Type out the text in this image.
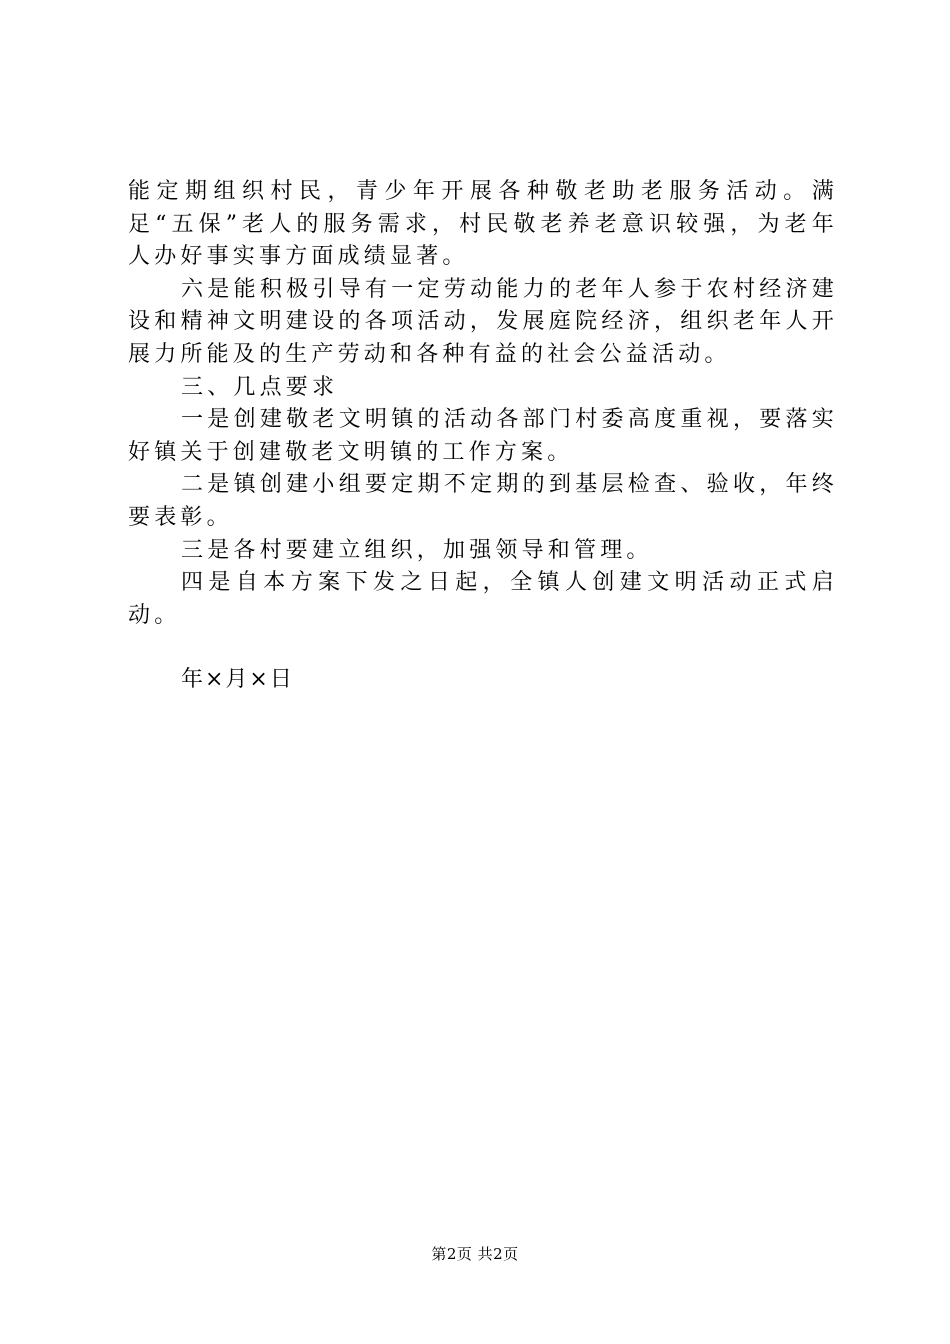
能定期组织村民，青少年开展各种敬老助老服务活动。满足“五保”老人的服务需求，村民敬老养老意识较强，为老年人办好事实事方面成绩显著。

六是能积极引导有一定劳动能力的老年人参于农村经济建设和精神文明建设的各项活动，发展庭院经济，组织老年人开展力所能及的生产劳动和各种有益的社会公益活动。

三、几点要求

一是创建敬老文明镇的活动各部门村委高度重视，要落实好镇关于创建敬老文明镇的工作方案。

二是镇创建小组要定期不定期的到基层检查、验收，年终要表彰。

三是各村要建立组织，加强领导和管理。

四是自本方案下发之日起，全镇人创建文明活动正式启动。

年×月×日

第2页 共2页
